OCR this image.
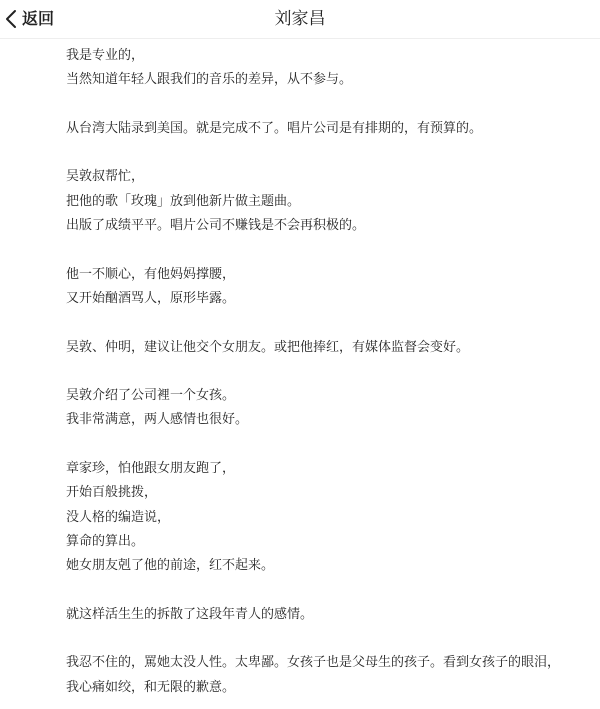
返回	刘家昌
我是专业的，
当然知道年轻人跟我们的音乐的差异，从不参与。
从台湾大陆录到美国。就是完成不了。唱片公司是有排期的，有预算的。
吴敦叔帮忙，
把他的歌「玫瑰」放到他新片做主题曲。
出版了成绩平平。唱片公司不赚钱是不会再积极的。
他一不顺心，有他妈妈撑腰，
又开始酗酒骂人，原形毕露。
吴敦、仲明，建议让他交个女朋友。或把他捧红，有媒体监督会变好。
吴敦介绍了公司裡一个女孩。
我非常满意，两人感情也很好。
章家珍，怕他跟女朋友跑了，
开始百般挑拨，
没人格的编造说，
算命的算出。
她女朋友剋了他的前途，红不起来。
就这样活生生的拆散了这段年青人的感情。
我忍不住的，罵她太没人性。太卑鄙。女孩子也是父母生的孩子。看到女孩子的眼泪，
我心痛如绞，和无限的歉意。
